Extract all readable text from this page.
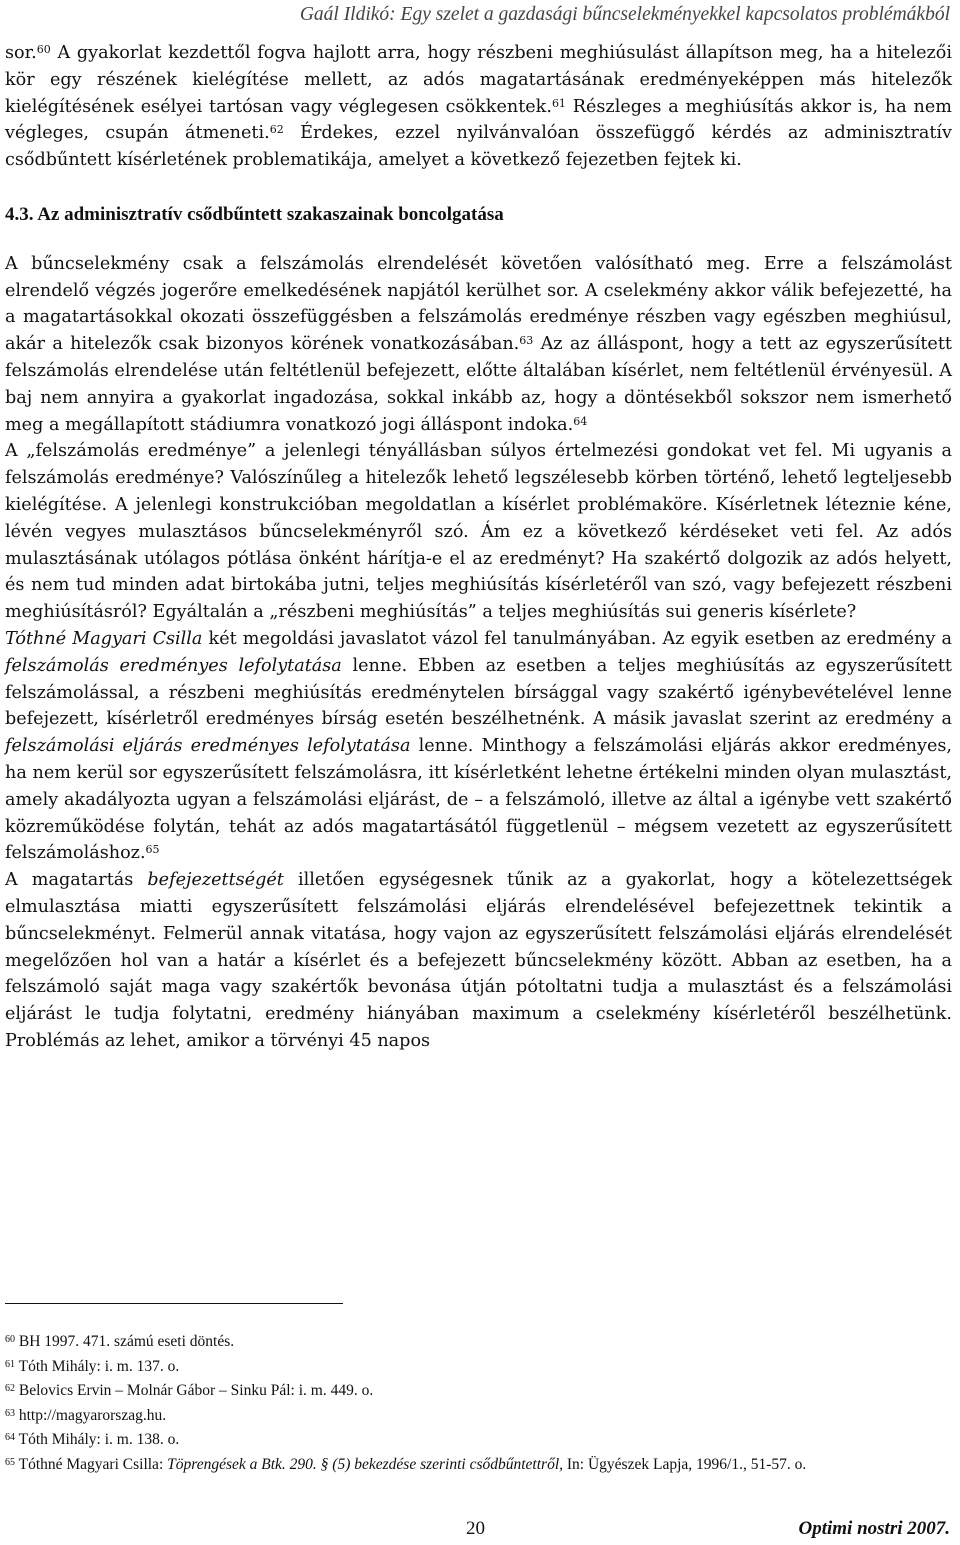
Gaál Ildikó: Egy szelet a gazdasági bűncselekményekkel kapcsolatos problémákból

sor.$^{60}$ A gyakorlat kezdettől fogva hajlott arra, hogy részbeni meghiúsulást állapítson meg, ha a hitelezői kör egy részének kielégítése mellett, az adós magatartásának eredményeképpen más hitelezők kielégítésének esélyei tartósan vagy véglegesen csökkentek.$^{61}$ Részleges a meghiúsítás akkor is, ha nem végleges, csupán átmeneti.$^{62}$ Érdekes, ezzel nyilvánvalóan összefüggő kérdés az adminisztratív csődbűntett kísérletének problematikája, amelyet a következő fejezetben fejtek ki.

4.3. Az adminisztratív csődbűntett szakaszainak boncolgatása

A bűncselekmény csak a felszámolás elrendelését követően valósítható meg. Erre a felszámolást elrendelő végzés jogerőre emelkedésének napjától kerülhet sor. A cselekmény akkor válik befejezetté, ha a magatartásokkal okozati összefüggésben a felszámolás eredménye részben vagy egészben meghiúsul, akár a hitelezők csak bizonyos körének vonatkozásában.$^{63}$ Az az álláspont, hogy a tett az egyszerűsített felszámolás elrendelése után feltétlenül befejezett, előtte általában kísérlet, nem feltétlenül érvényesül. A baj nem annyira a gyakorlat ingadozása, sokkal inkább az, hogy a döntésekből sokszor nem ismerhető meg a megállapított stádiumra vonatkozó jogi álláspont indoka.$^{64}$

A „felszámolás eredménye” a jelenlegi tényállásban súlyos értelmezési gondokat vet fel. Mi ugyanis a felszámolás eredménye? Valószínűleg a hitelezők lehető legszélesebb körben történő, lehető legteljesebb kielégítése. A jelenlegi konstrukcióban megoldatlan a kísérlet problémaköre. Kísérletnek léteznie kéne, lévén vegyes mulasztásos bűncselekményről szó. Ám ez a következő kérdéseket veti fel. Az adós mulasztásának utólagos pótlása önként hárítja-e el az eredményt? Ha szakértő dolgozik az adós helyett, és nem tud minden adat birtokába jutni, teljes meghiúsítás kísérletéről van szó, vagy befejezett részbeni meghiúsításról? Egyáltalán a „részbeni meghiúsítás” a teljes meghiúsítás sui generis kísérlete?

Tóthné Magyari Csilla két megoldási javaslatot vázol fel tanulmányában. Az egyik esetben az eredmény a felszámolás eredményes lefolytatása lenne. Ebben az esetben a teljes meghiúsítás az egyszerűsített felszámolással, a részbeni meghiúsítás eredménytelen bírsággal vagy szakértő igénybevételével lenne befejezett, kísérletről eredményes bírság esetén beszélhetnénk. A másik javaslat szerint az eredmény a felszámolási eljárás eredményes lefolytatása lenne. Minthogy a felszámolási eljárás akkor eredményes, ha nem kerül sor egyszerűsített felszámolásra, itt kísérletként lehetne értékelni minden olyan mulasztást, amely akadályozta ugyan a felszámolási eljárást, de – a felszámoló, illetve az által a igénybe vett szakértő közreműködése folytán, tehát az adós magatartásától függetlenül – mégsem vezetett az egyszerűsített felszámoláshoz.$^{65}$

A magatartás befejezettségét illetően egységesnek tűnik az a gyakorlat, hogy a kötelezettségek elmulasztása miatti egyszerűsített felszámolási eljárás elrendelésével befejezettnek tekintik a bűncselekményt. Felmerül annak vitatása, hogy vajon az egyszerűsített felszámolási eljárás elrendelését megelőzően hol van a határ a kísérlet és a befejezett bűncselekmény között. Abban az esetben, ha a felszámoló saját maga vagy szakértők bevonása útján pótoltatni tudja a mulasztást és a felszámolási eljárást le tudja folytatni, eredmény hiányában maximum a cselekmény kísérletéről beszélhetünk. Problémás az lehet, amikor a törvényi 45 napos

$^{60}$ BH 1997. 471. számú eseti döntés.
$^{61}$ Tóth Mihály: i. m. 137. o.
$^{62}$ Belovics Ervin – Molnár Gábor – Sinku Pál: i. m. 449. o.
$^{63}$ http://magyarorszag.hu.
$^{64}$ Tóth Mihály: i. m. 138. o.
$^{65}$ Tóthné Magyari Csilla: Töprengések a Btk. 290. § (5) bekezdése szerinti csődbűntettről, In: Ügyészek Lapja, 1996/1., 51-57. o.
20	Optimi nostri 2007.
